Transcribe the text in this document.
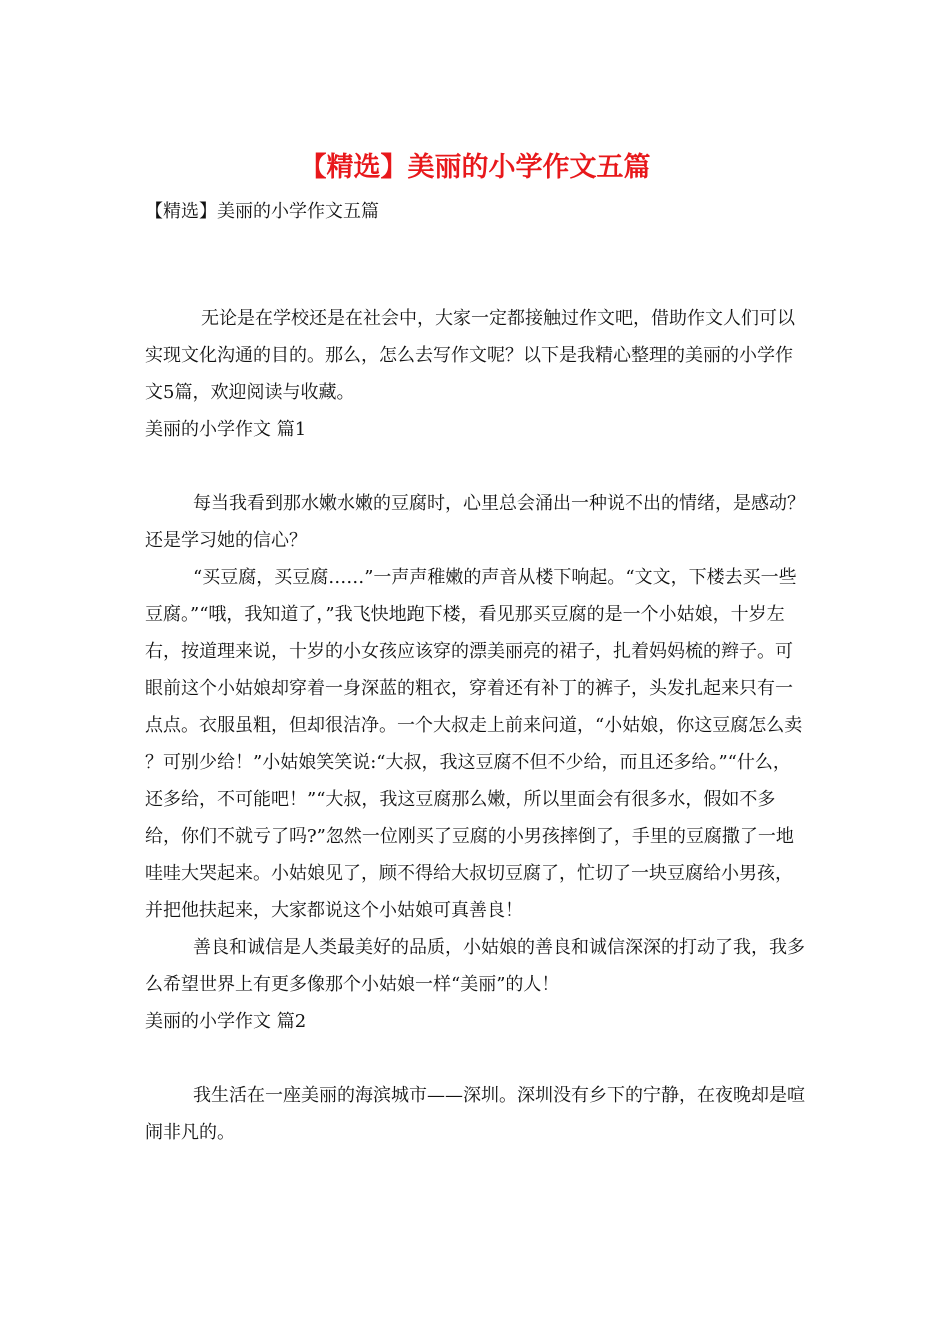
【精选】美丽的小学作文五篇

【精选】美丽的小学作文五篇

无论是在学校还是在社会中，大家一定都接触过作文吧，借助作文人们可以实现文化沟通的目的。那么，怎么去写作文呢？以下是我精心整理的美丽的小学作文5篇，欢迎阅读与收藏。

美丽的小学作文 篇1

每当我看到那水嫩水嫩的豆腐时，心里总会涌出一种说不出的情绪，是感动？还是学习她的信心？

“买豆腐，买豆腐……”一声声稚嫩的声音从楼下响起。“文文，下楼去买一些豆腐。”“哦，我知道了，”我飞快地跑下楼，看见那买豆腐的是一个小姑娘，十岁左右，按道理来说，十岁的小女孩应该穿的漂美丽亮的裙子，扎着妈妈梳的辫子。可眼前这个小姑娘却穿着一身深蓝的粗衣，穿着还有补丁的裤子，头发扎起来只有一点点。衣服虽粗，但却很洁净。一个大叔走上前来问道，“小姑娘，你这豆腐怎么卖 ？可别少给！”小姑娘笑笑说:“大叔，我这豆腐不但不少给，而且还多给。”“什么，还多给，不可能吧！”“大叔，我这豆腐那么嫩，所以里面会有很多水，假如不多给，你们不就亏了吗?”忽然一位刚买了豆腐的小男孩摔倒了，手里的豆腐撒了一地哇哇大哭起来。小姑娘见了，顾不得给大叔切豆腐了，忙切了一块豆腐给小男孩，并把他扶起来，大家都说这个小姑娘可真善良！

善良和诚信是人类最美好的品质，小姑娘的善良和诚信深深的打动了我，我多么希望世界上有更多像那个小姑娘一样“美丽”的人！

美丽的小学作文 篇2

我生活在一座美丽的海滨城市——深圳。深圳没有乡下的宁静，在夜晚却是喧闹非凡的。
